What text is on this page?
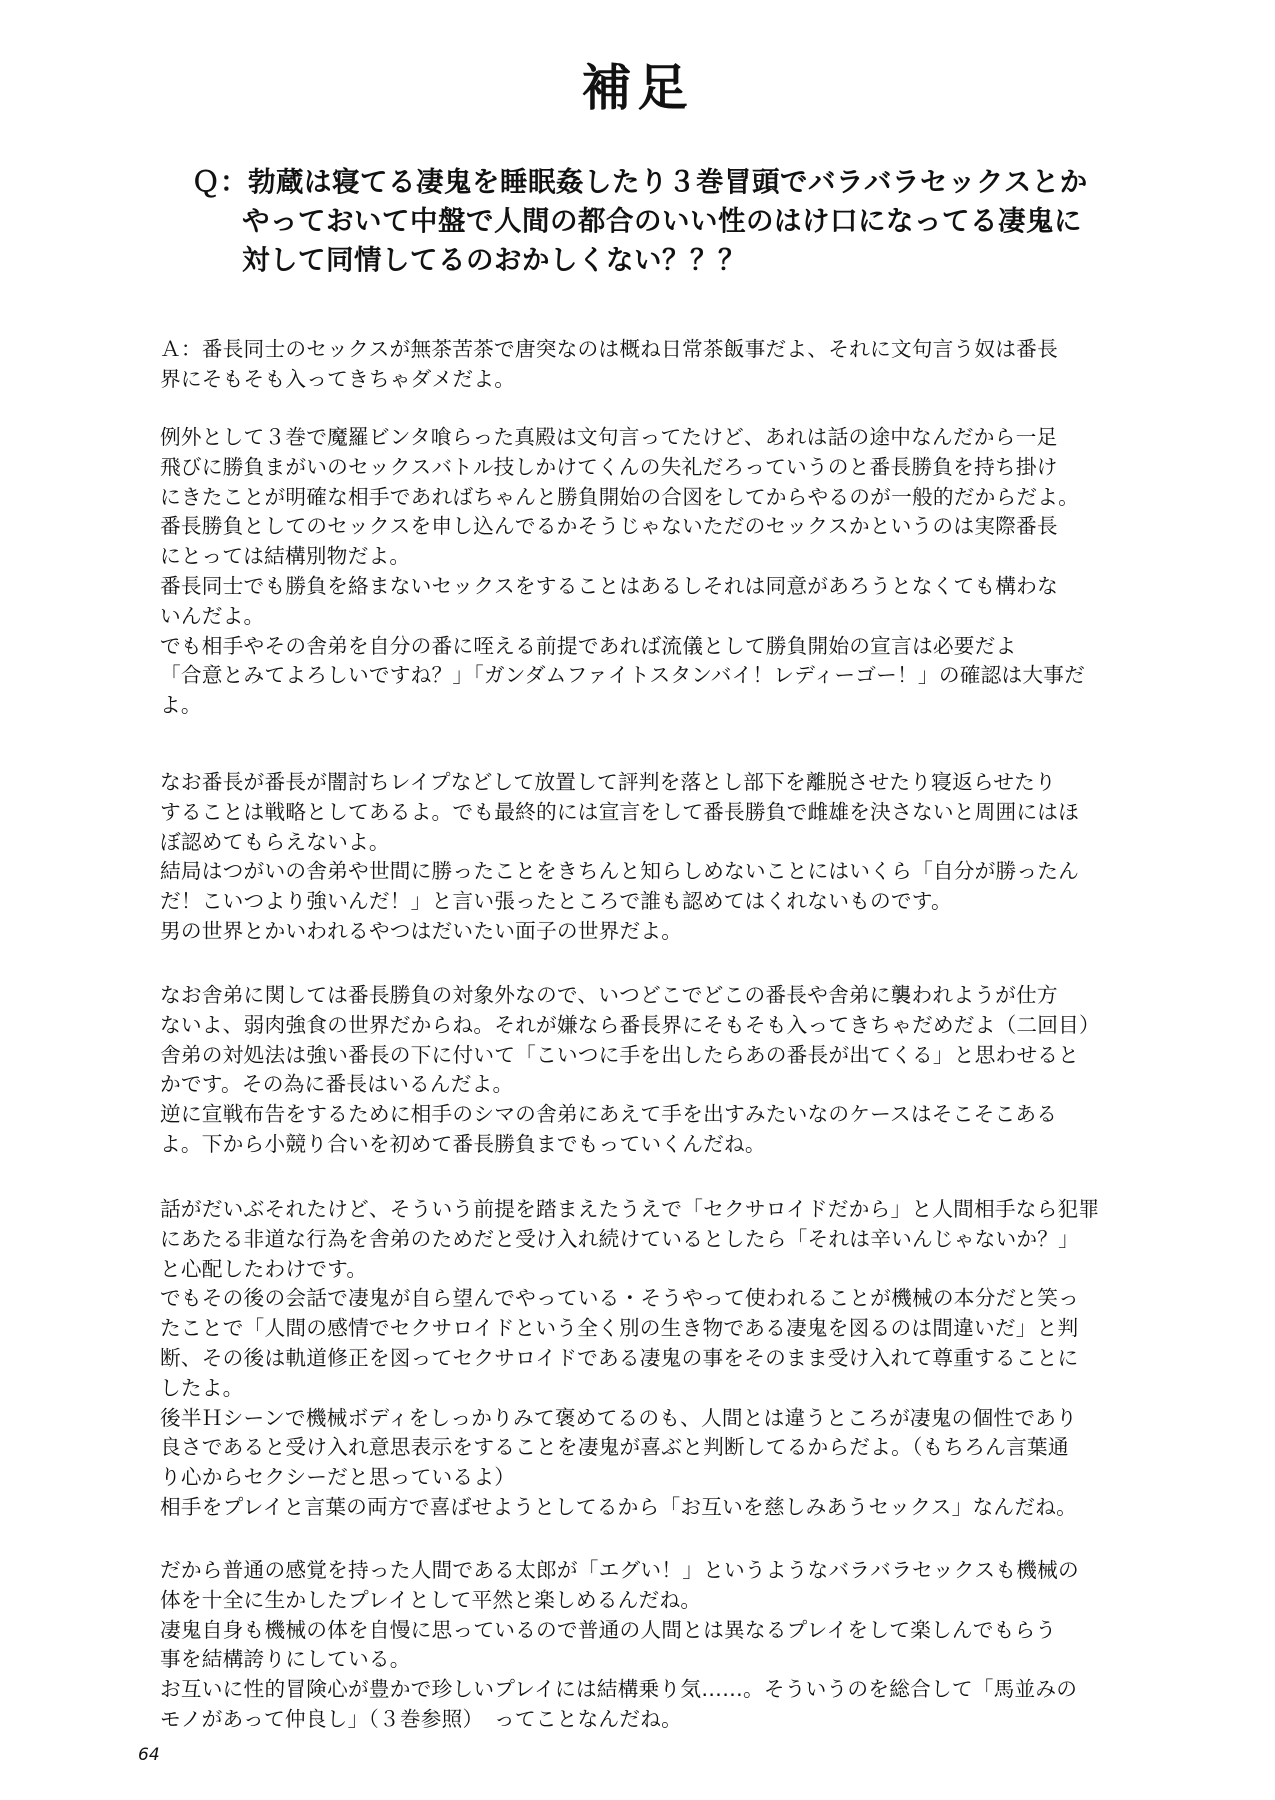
補足
Ｑ：勃蔵は寝てる凄鬼を睡眠姦したり３巻冒頭でバラバラセックスとか
やっておいて中盤で人間の都合のいい性のはけ口になってる凄鬼に
対して同情してるのおかしくない？？？
Ａ：番長同士のセックスが無茶苦茶で唐突なのは概ね日常茶飯事だよ、それに文句言う奴は番長
界にそもそも入ってきちゃダメだよ。
例外として３巻で魔羅ビンタ喰らった真殿は文句言ってたけど、あれは話の途中なんだから一足
飛びに勝負まがいのセックスバトル技しかけてくんの失礼だろっていうのと番長勝負を持ち掛け
にきたことが明確な相手であればちゃんと勝負開始の合図をしてからやるのが一般的だからだよ。
番長勝負としてのセックスを申し込んでるかそうじゃないただのセックスかというのは実際番長
にとっては結構別物だよ。
番長同士でも勝負を絡まないセックスをすることはあるしそれは同意があろうとなくても構わな
いんだよ。
でも相手やその舎弟を自分の番に咥える前提であれば流儀として勝負開始の宣言は必要だよ
「合意とみてよろしいですね？」「ガンダムファイトスタンバイ！レディーゴー！」の確認は大事だ
よ。
なお番長が番長が闇討ちレイプなどして放置して評判を落とし部下を離脱させたり寝返らせたり
することは戦略としてあるよ。でも最終的には宣言をして番長勝負で雌雄を決さないと周囲にはほ
ぼ認めてもらえないよ。
結局はつがいの舎弟や世間に勝ったことをきちんと知らしめないことにはいくら「自分が勝ったん
だ！こいつより強いんだ！」と言い張ったところで誰も認めてはくれないものです。
男の世界とかいわれるやつはだいたい面子の世界だよ。
なお舎弟に関しては番長勝負の対象外なので、いつどこでどこの番長や舎弟に襲われようが仕方
ないよ、弱肉強食の世界だからね。それが嫌なら番長界にそもそも入ってきちゃだめだよ（二回目）
舎弟の対処法は強い番長の下に付いて「こいつに手を出したらあの番長が出てくる」と思わせると
かです。その為に番長はいるんだよ。
逆に宣戦布告をするために相手のシマの舎弟にあえて手を出すみたいなのケースはそこそこある
よ。下から小競り合いを初めて番長勝負までもっていくんだね。
話がだいぶそれたけど、そういう前提を踏まえたうえで「セクサロイドだから」と人間相手なら犯罪
にあたる非道な行為を舎弟のためだと受け入れ続けているとしたら「それは辛いんじゃないか？」
と心配したわけです。
でもその後の会話で凄鬼が自ら望んでやっている・そうやって使われることが機械の本分だと笑っ
たことで「人間の感情でセクサロイドという全く別の生き物である凄鬼を図るのは間違いだ」と判
断、その後は軌道修正を図ってセクサロイドである凄鬼の事をそのまま受け入れて尊重することに
したよ。
後半Ｈシーンで機械ボディをしっかりみて褒めてるのも、人間とは違うところが凄鬼の個性であり
良さであると受け入れ意思表示をすることを凄鬼が喜ぶと判断してるからだよ。（もちろん言葉通
り心からセクシーだと思っているよ）
相手をプレイと言葉の両方で喜ばせようとしてるから「お互いを慈しみあうセックス」なんだね。
だから普通の感覚を持った人間である太郎が「エグい！」というようなバラバラセックスも機械の
体を十全に生かしたプレイとして平然と楽しめるんだね。
凄鬼自身も機械の体を自慢に思っているので普通の人間とは異なるプレイをして楽しんでもらう
事を結構誇りにしている。
お互いに性的冒険心が豊かで珍しいプレイには結構乗り気……。そういうのを総合して「馬並みの
モノがあって仲良し」（３巻参照）　ってことなんだね。
64
